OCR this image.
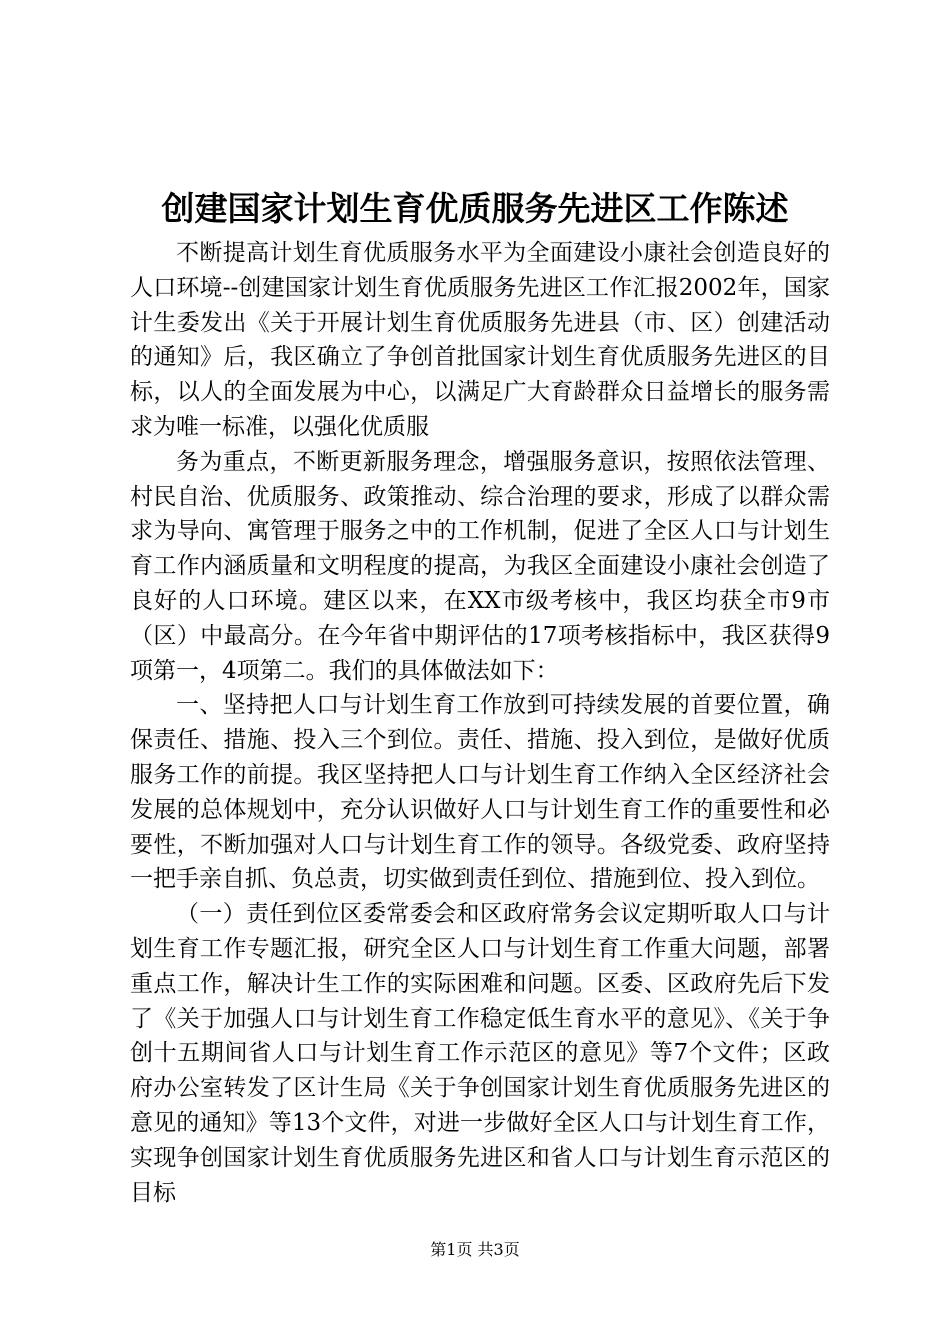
创建国家计划生育优质服务先进区工作陈述

不断提高计划生育优质服务水平为全面建设小康社会创造良好的人口环境--创建国家计划生育优质服务先进区工作汇报2002年，国家计生委发出《关于开展计划生育优质服务先进县（市、区）创建活动的通知》后，我区确立了争创首批国家计划生育优质服务先进区的目标，以人的全面发展为中心，以满足广大育龄群众日益增长的服务需求为唯一标准，以强化优质服

务为重点，不断更新服务理念，增强服务意识，按照依法管理、村民自治、优质服务、政策推动、综合治理的要求，形成了以群众需求为导向、寓管理于服务之中的工作机制，促进了全区人口与计划生育工作内涵质量和文明程度的提高，为我区全面建设小康社会创造了良好的人口环境。建区以来，在XX市级考核中，我区均获全市9市（区）中最高分。在今年省中期评估的17项考核指标中，我区获得9项第一，4项第二。我们的具体做法如下：

一、坚持把人口与计划生育工作放到可持续发展的首要位置，确保责任、措施、投入三个到位。责任、措施、投入到位，是做好优质服务工作的前提。我区坚持把人口与计划生育工作纳入全区经济社会发展的总体规划中，充分认识做好人口与计划生育工作的重要性和必要性，不断加强对人口与计划生育工作的领导。各级党委、政府坚持一把手亲自抓、负总责，切实做到责任到位、措施到位、投入到位。

（一）责任到位区委常委会和区政府常务会议定期听取人口与计划生育工作专题汇报，研究全区人口与计划生育工作重大问题，部署重点工作，解决计生工作的实际困难和问题。区委、区政府先后下发了《关于加强人口与计划生育工作稳定低生育水平的意见》、《关于争创十五期间省人口与计划生育工作示范区的意见》等7个文件；区政府办公室转发了区计生局《关于争创国家计划生育优质服务先进区的意见的通知》等13个文件，对进一步做好全区人口与计划生育工作，实现争创国家计划生育优质服务先进区和省人口与计划生育示范区的目标

第1页 共3页
